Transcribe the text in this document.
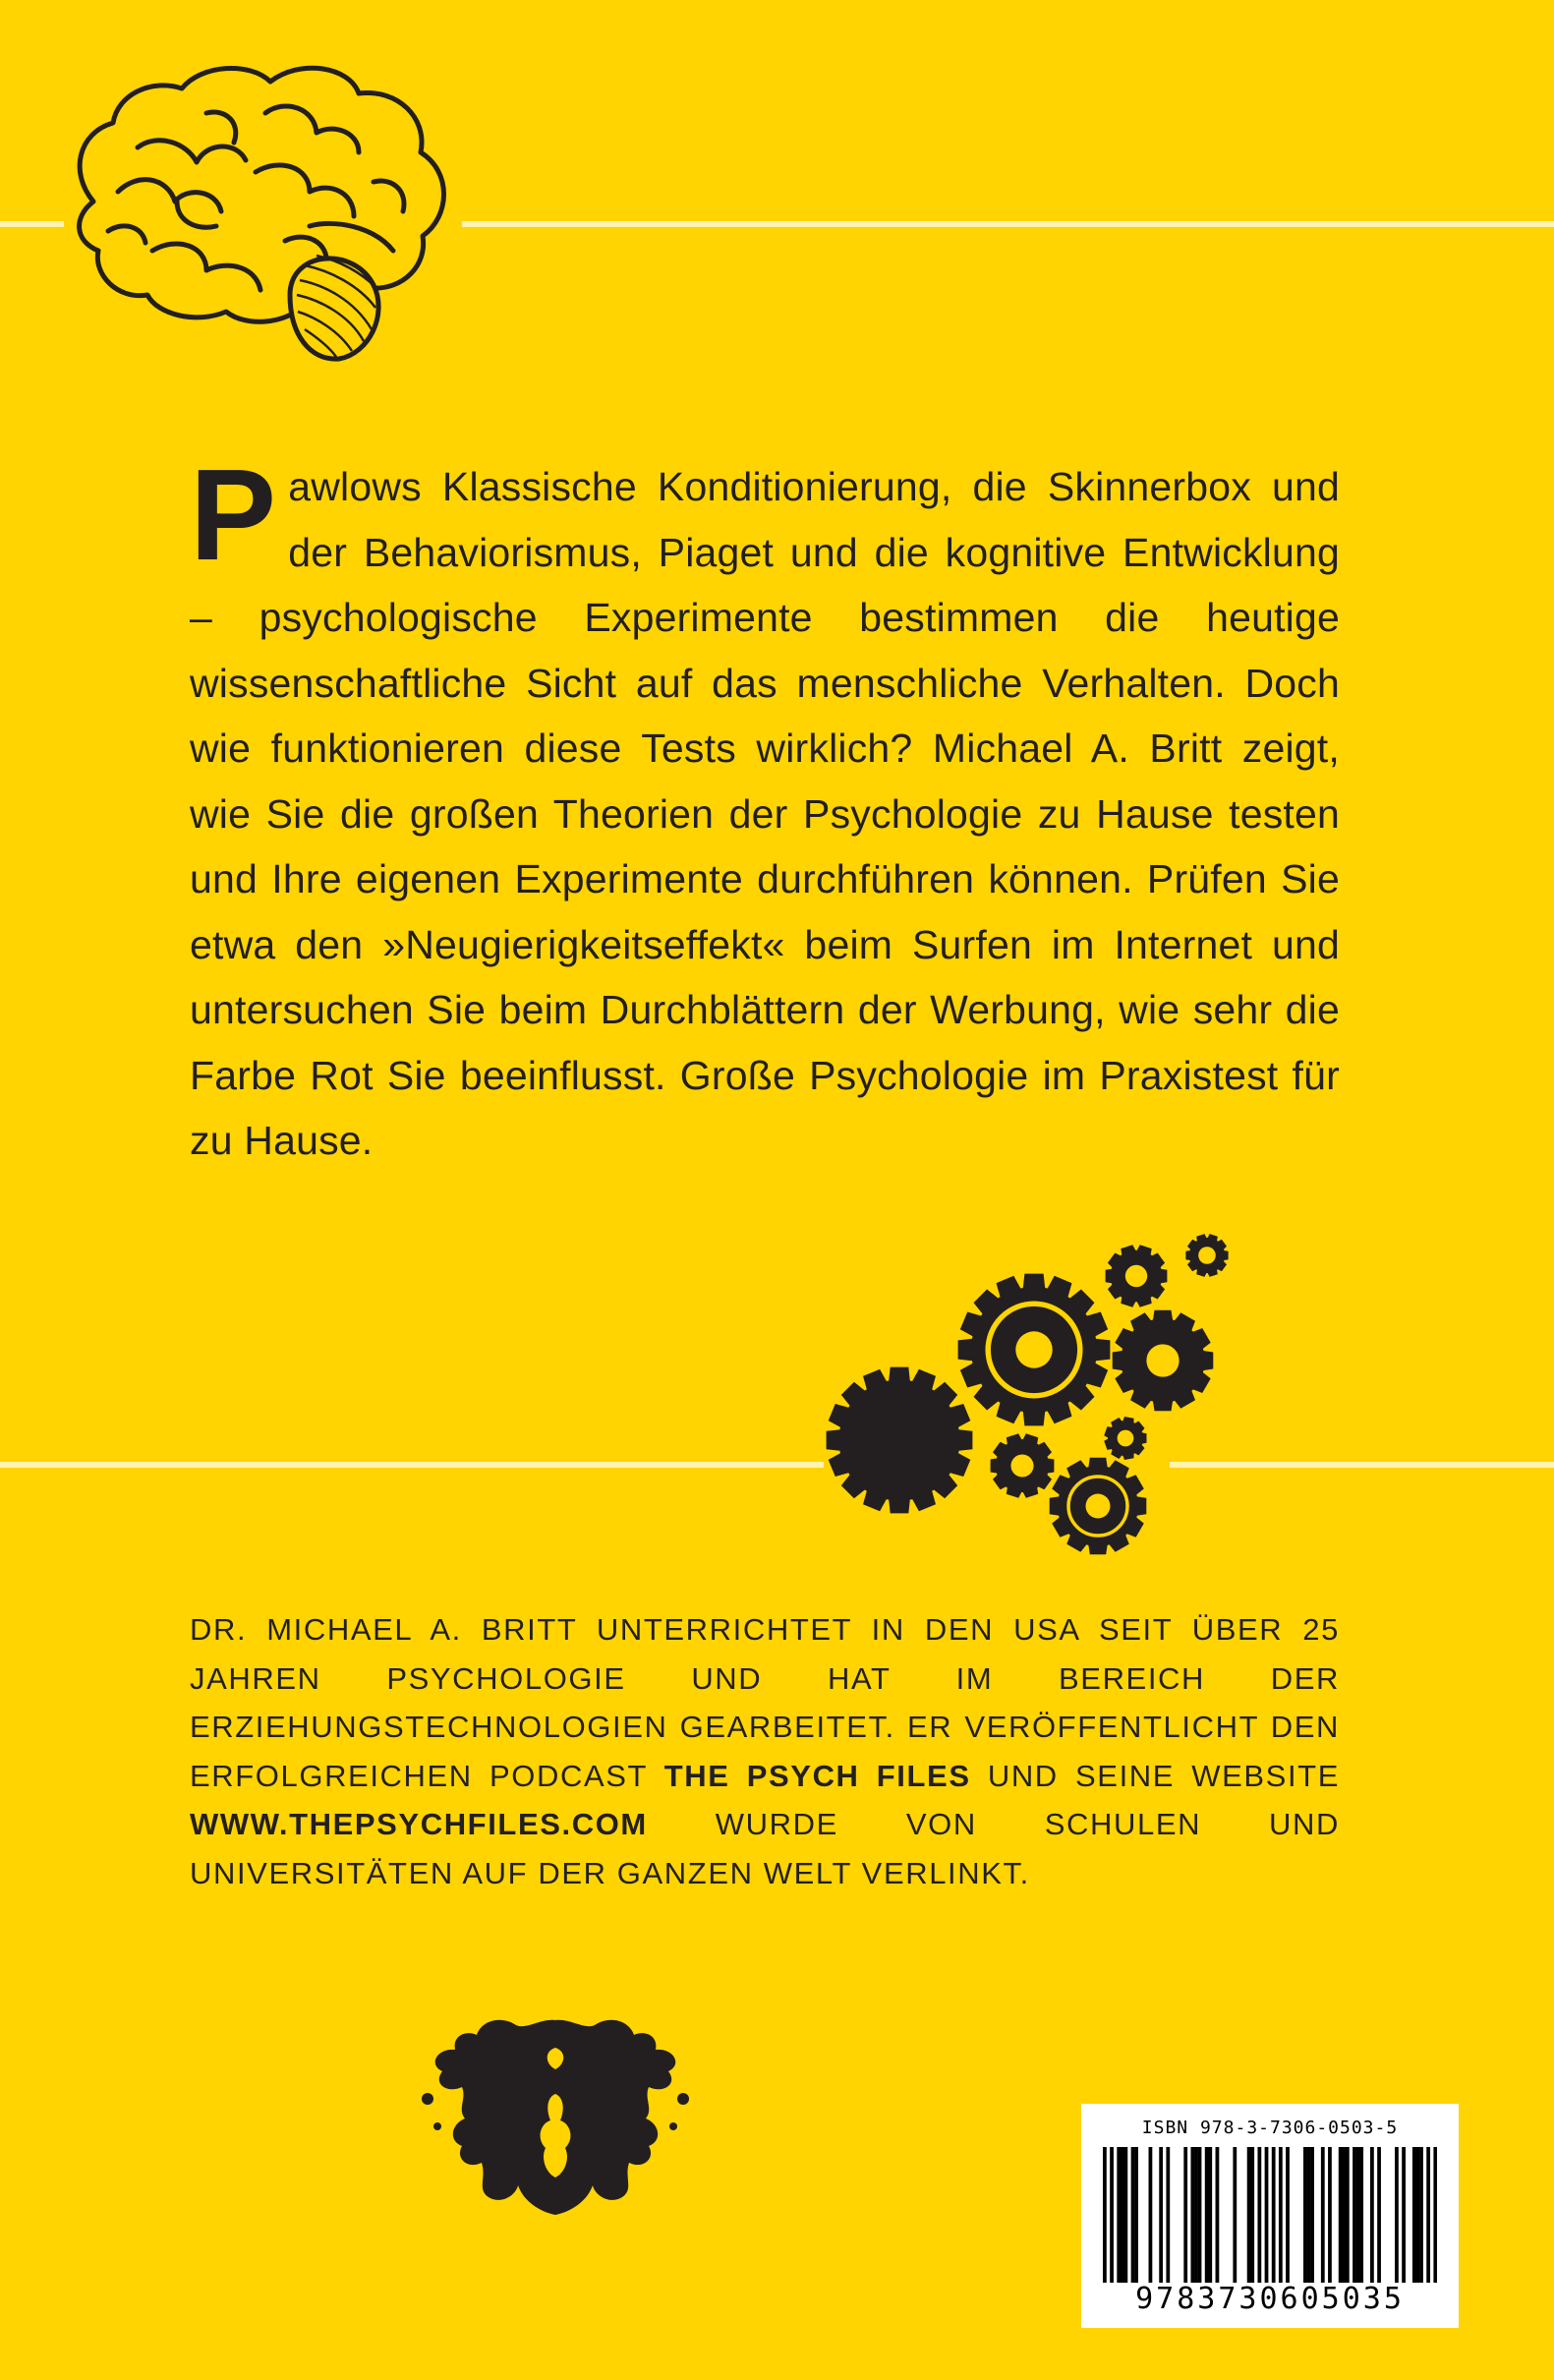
Pawlows Klassische Konditionierung, die Skinnerbox und der Behaviorismus, Piaget und die kognitive Entwicklung – psychologische Experimente bestimmen die heutige wissenschaftliche Sicht auf das menschliche Verhalten. Doch wie funktionieren diese Tests wirklich? Michael A. Britt zeigt, wie Sie die großen Theorien der Psychologie zu Hause testen und Ihre eigenen Experimente durchführen können. Prüfen Sie etwa den »Neugierigkeitseffekt« beim Surfen im Internet und untersuchen Sie beim Durchblättern der Werbung, wie sehr die Farbe Rot Sie beeinflusst. Große Psychologie im Praxistest für zu Hause.
DR. MICHAEL A. BRITT UNTERRICHTET IN DEN USA SEIT ÜBER 25 JAHREN PSYCHOLOGIE UND HAT IM BEREICH DER ERZIEHUNGSTECHNOLOGIEN GEARBEITET. ER VERÖFFENTLICHT DEN ERFOLGREICHEN PODCAST THE PSYCH FILES UND SEINE WEBSITE WWW.THEPSYCHFILES.COM WURDE VON SCHULEN UND UNIVERSITÄTEN AUF DER GANZEN WELT VERLINKT.
ISBN 978-3-7306-0503-5
9783730605035
